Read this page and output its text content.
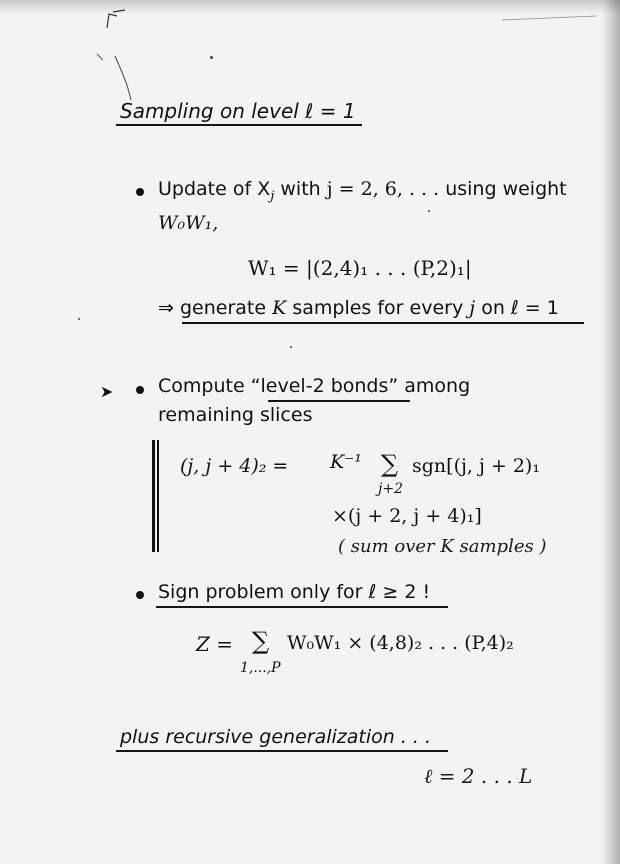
Sampling on level ℓ = 1
Update of $X_j$ with j = 2, 6, . . . using weight
W₀W₁,
W₁ = |(2,4)₁ . . . (P,2)₁|
⇒ generate K samples for every j on ℓ = 1
➤ Compute “level-2 bonds” among
remaining slices
(j, j + 4)₂ = K⁻¹ ∑
j+2
sgn[(j, j + 2)₁
×(j + 2, j + 4)₁]
( sum over K samples )
Sign problem only for ℓ ≥ 2 !
Z = ∑
1,...,P
W₀W₁ × (4,8)₂ . . . (P,4)₂
plus recursive generalization . . .
ℓ = 2 . . . L
